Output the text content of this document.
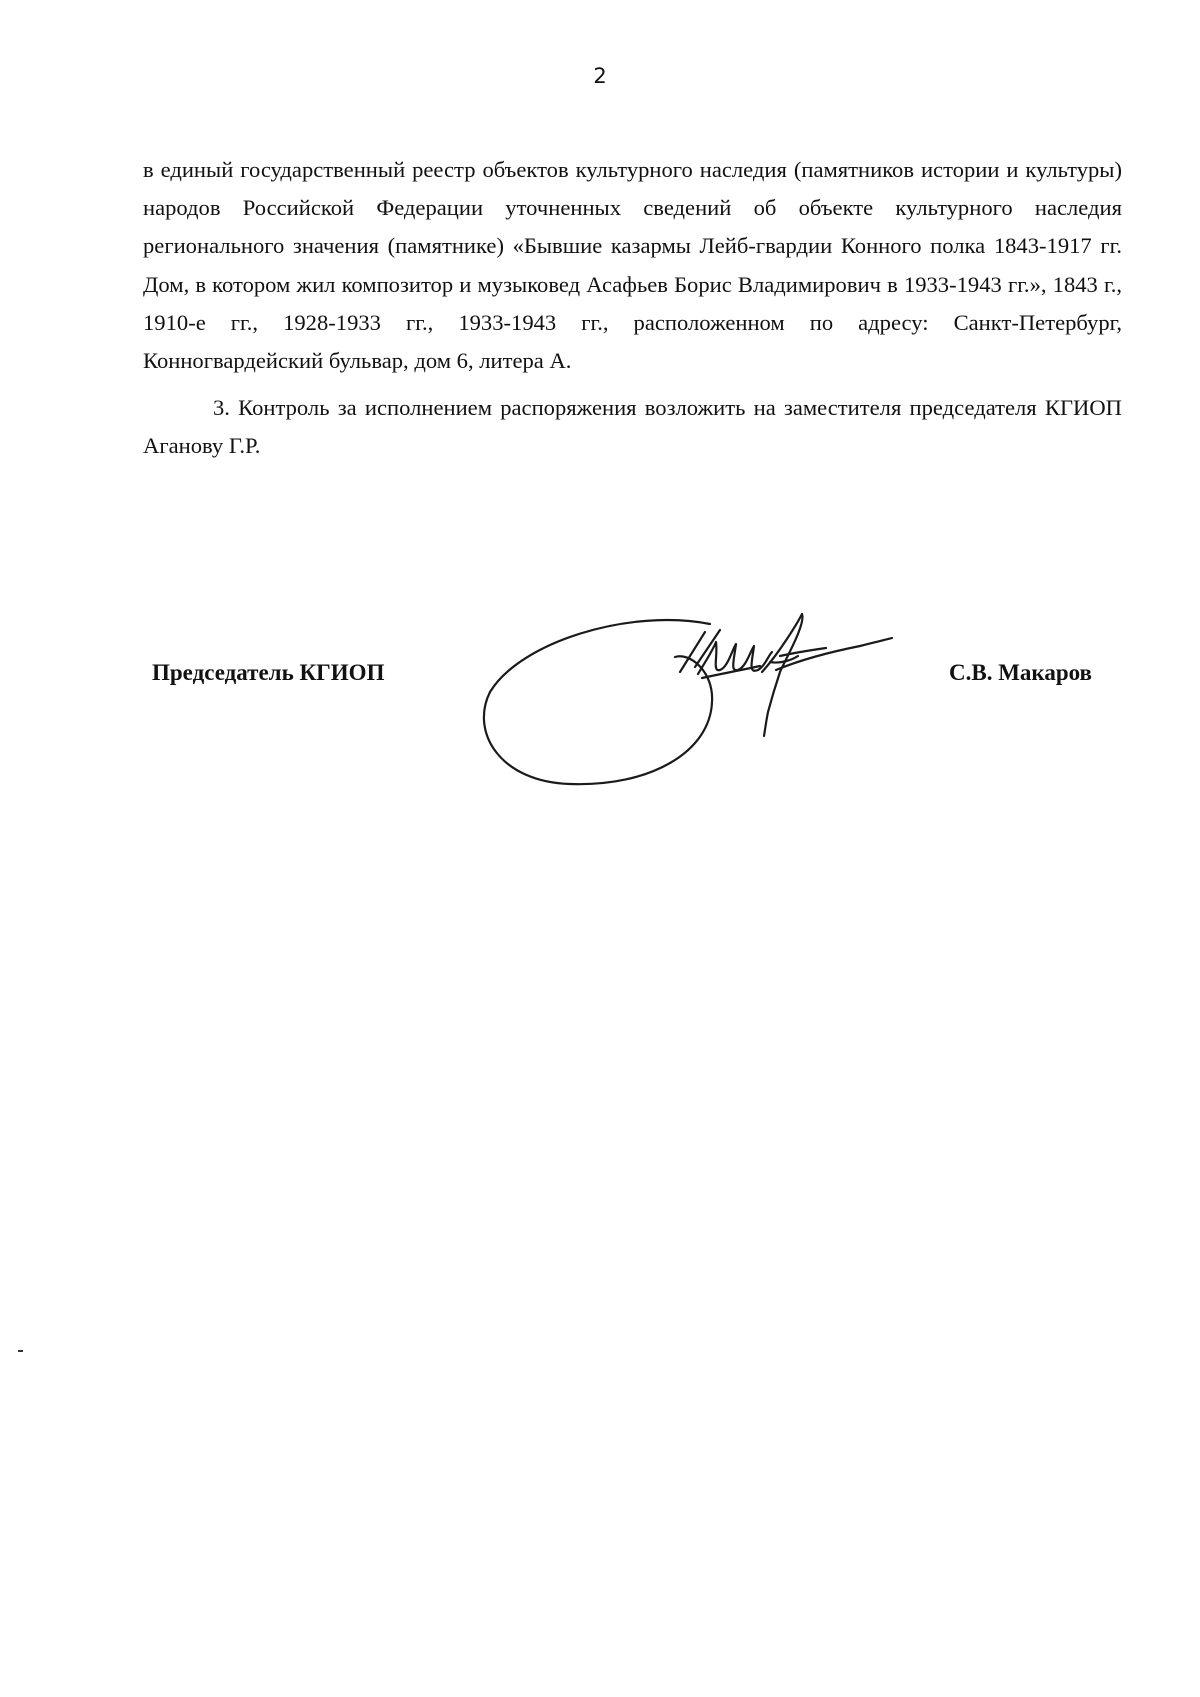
2

в единый государственный реестр объектов культурного наследия (памятников истории и культуры) народов Российской Федерации уточненных сведений об объекте культурного наследия регионального значения (памятнике) «Бывшие казармы Лейб-гвардии Конного полка 1843-1917 гг. Дом, в котором жил композитор и музыковед Асафьев Борис Владимирович в 1933-1943 гг.», 1843 г., 1910-е гг., 1928-1933 гг., 1933-1943 гг., расположенном по адресу: Санкт-Петербург, Конногвардейский бульвар, дом 6, литера А.

3. Контроль за исполнением распоряжения возложить на заместителя председателя КГИОП Аганову Г.Р.

Председатель КГИОП	С.В. Макаров
